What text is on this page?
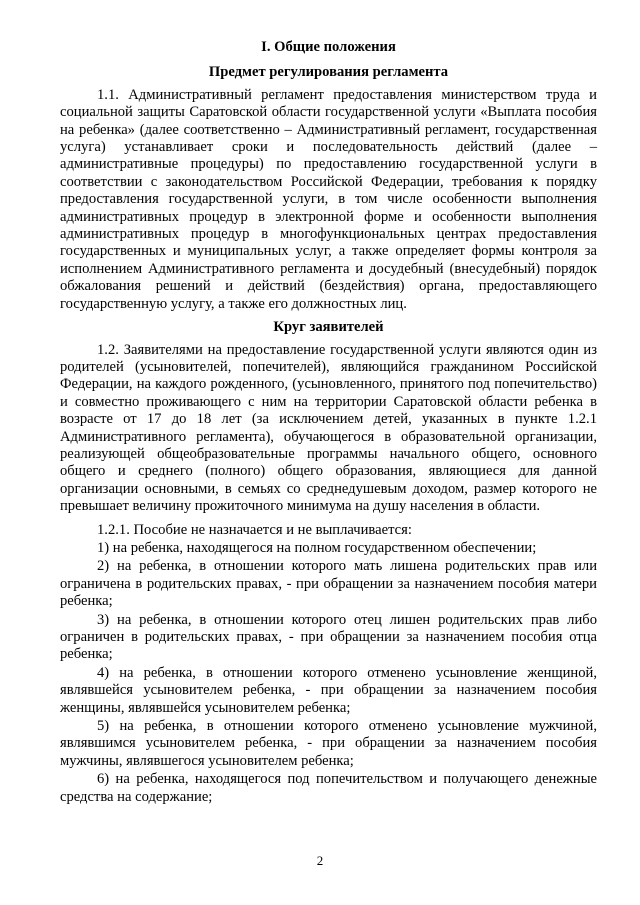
I. Общие положения

Предмет регулирования регламента

1.1. Административный регламент предоставления министерством труда и социальной защиты Саратовской области государственной услуги «Выплата пособия на ребенка» (далее соответственно – Административный регламент, государственная услуга) устанавливает сроки и последовательность действий (далее – административные процедуры) по предоставлению государственной услуги в соответствии с законодательством Российской Федерации, требования к порядку предоставления государственной услуги, в том числе особенности выполнения административных процедур в электронной форме и особенности выполнения административных процедур в многофункциональных центрах предоставления государственных и муниципальных услуг, а также определяет формы контроля за исполнением Административного регламента и досудебный (внесудебный) порядок обжалования решений и действий (бездействия) органа, предоставляющего государственную услугу, а также его должностных лиц.

Круг заявителей

1.2. Заявителями на предоставление государственной услуги являются один из родителей (усыновителей, попечителей), являющийся гражданином Российской Федерации, на каждого рожденного, (усыновленного, принятого под попечительство) и совместно проживающего с ним на территории Саратовской области ребенка в возрасте от 17 до 18 лет (за исключением детей, указанных в пункте 1.2.1 Административного регламента), обучающегося в образовательной организации, реализующей общеобразовательные программы начального общего, основного общего и среднего (полного) общего образования, являющиеся для данной организации основными, в семьях со среднедушевым доходом, размер которого не превышает величину прожиточного минимума на душу населения в области.

1.2.1. Пособие не назначается и не выплачивается:

1) на ребенка, находящегося на полном государственном обеспечении;

2) на ребенка, в отношении которого мать лишена родительских прав или ограничена в родительских правах, - при обращении за назначением пособия матери ребенка;

3) на ребенка, в отношении которого отец лишен родительских прав либо ограничен в родительских правах, - при обращении за назначением пособия отца ребенка;

4) на ребенка, в отношении которого отменено усыновление женщиной, являвшейся усыновителем ребенка, - при обращении за назначением пособия женщины, являвшейся усыновителем ребенка;

5) на ребенка, в отношении которого отменено усыновление мужчиной, являвшимся усыновителем ребенка, - при обращении за назначением пособия мужчины, являвшегося усыновителем ребенка;

6) на ребенка, находящегося под попечительством и получающего денежные средства на содержание;

2
